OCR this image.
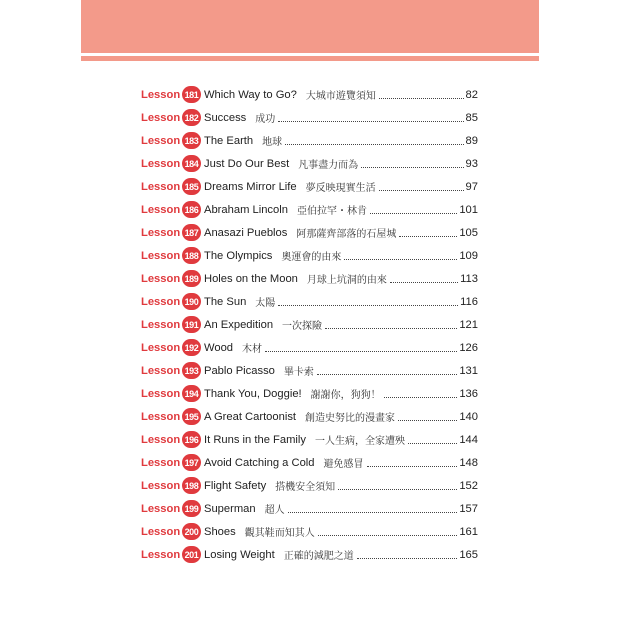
Lesson 181 Which Way to Go? 大城市遊覽須知	82
Lesson 182 Success 成功	85
Lesson 183 The Earth 地球	89
Lesson 184 Just Do Our Best 凡事盡力而為	93
Lesson 185 Dreams Mirror Life 夢反映現實生活	97
Lesson 186 Abraham Lincoln 亞伯拉罕・林肯	101
Lesson 187 Anasazi Pueblos 阿那薩齊部落的石屋城	105
Lesson 188 The Olympics 奧運會的由來	109
Lesson 189 Holes on the Moon 月球上坑洞的由來	113
Lesson 190 The Sun 太陽	116
Lesson 191 An Expedition 一次探險	121
Lesson 192 Wood 木材	126
Lesson 193 Pablo Picasso 畢卡索	131
Lesson 194 Thank You, Doggie! 謝謝你，狗狗！	136
Lesson 195 A Great Cartoonist 創造史努比的漫畫家	140
Lesson 196 It Runs in the Family 一人生病，全家遭殃	144
Lesson 197 Avoid Catching a Cold 避免感冒	148
Lesson 198 Flight Safety 搭機安全須知	152
Lesson 199 Superman 超人	157
Lesson 200 Shoes 觀其鞋而知其人	161
Lesson 201 Losing Weight 正確的減肥之道	165
